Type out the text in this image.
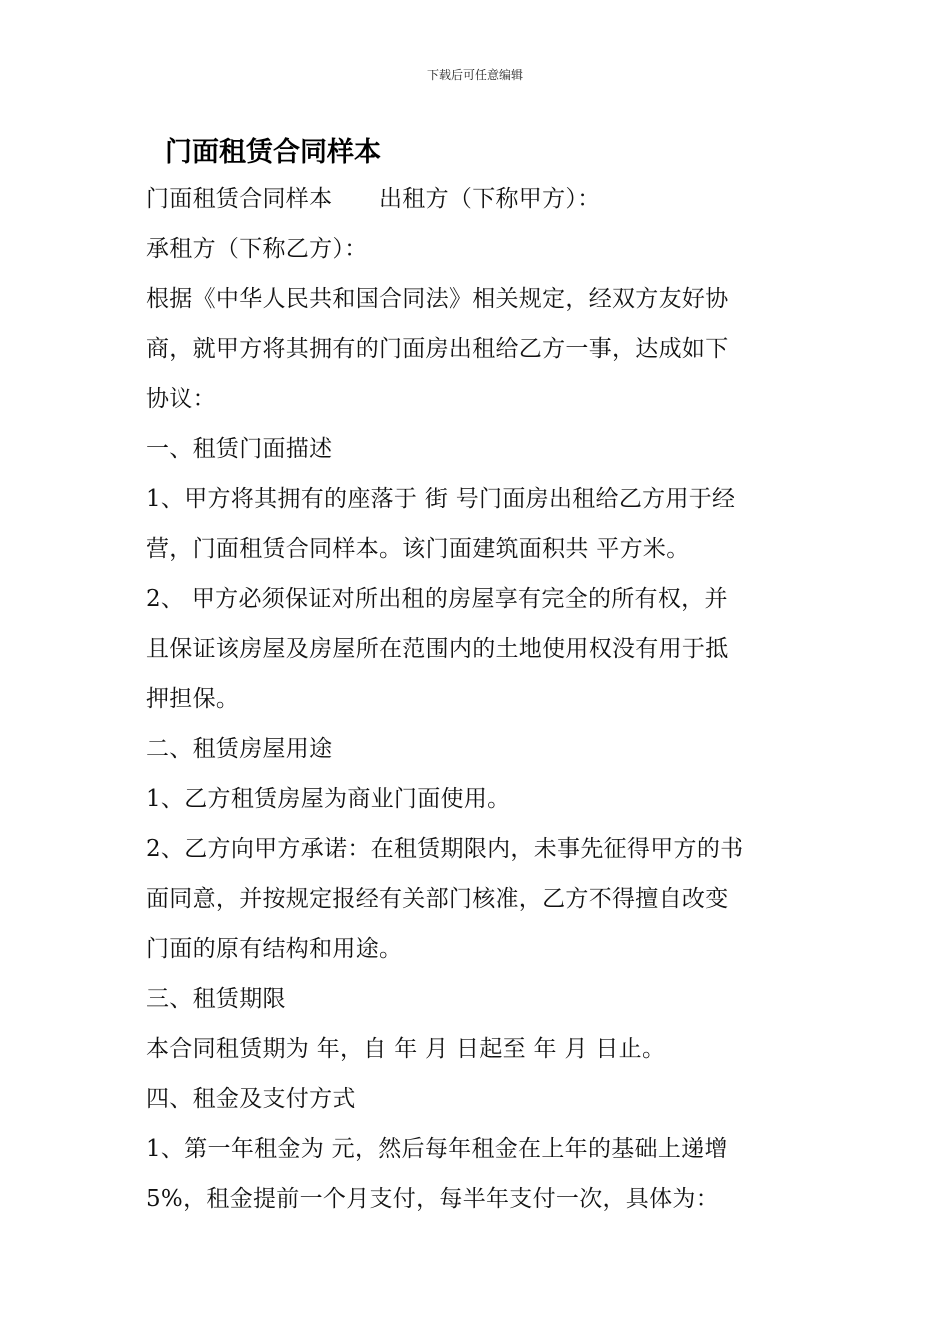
下载后可任意编辑
门面租赁合同样本
门面租赁合同样本　　出租方（下称甲方）：
承租方（下称乙方）：
根据《中华人民共和国合同法》相关规定，经双方友好协
商，就甲方将其拥有的门面房出租给乙方一事，达成如下
协议：
一、租赁门面描述
1、甲方将其拥有的座落于 街 号门面房出租给乙方用于经
营，门面租赁合同样本。该门面建筑面积共 平方米。
2、 甲方必须保证对所出租的房屋享有完全的所有权，并
且保证该房屋及房屋所在范围内的土地使用权没有用于抵
押担保。
二、租赁房屋用途
1、乙方租赁房屋为商业门面使用。
2、乙方向甲方承诺：在租赁期限内，未事先征得甲方的书
面同意，并按规定报经有关部门核准，乙方不得擅自改变
门面的原有结构和用途。
三、租赁期限
本合同租赁期为 年，自 年 月 日起至 年 月 日止。
四、租金及支付方式
1、第一年租金为 元，然后每年租金在上年的基础上递增
5%，租金提前一个月支付，每半年支付一次，具体为：
